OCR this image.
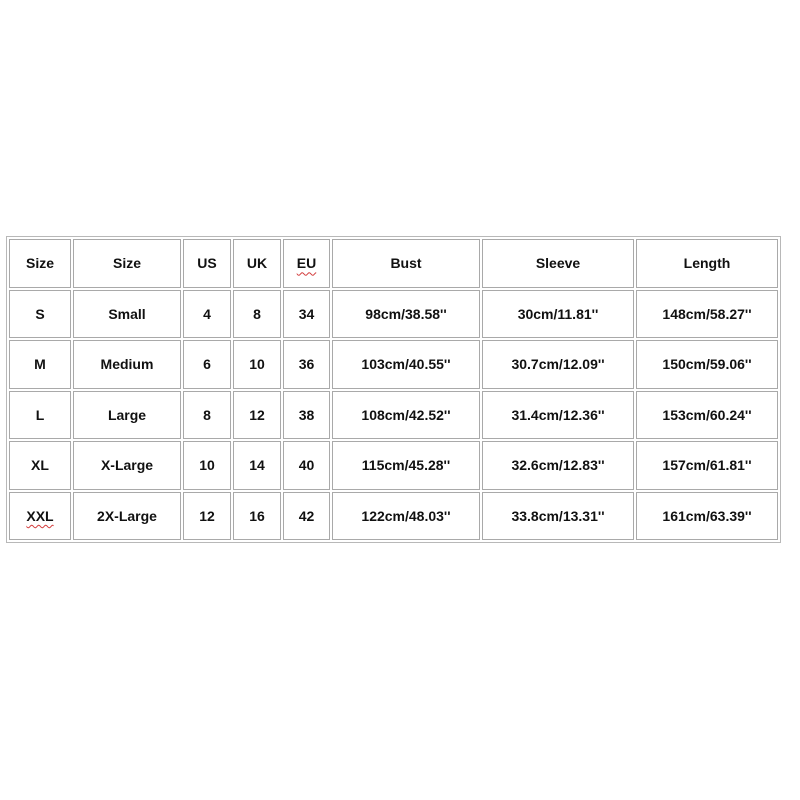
Size	Size	US	UK	EU	Bust	Sleeve	Length
S	Small	4	8	34	98cm/38.58''	30cm/11.81''	148cm/58.27''
M	Medium	6	10	36	103cm/40.55''	30.7cm/12.09''	150cm/59.06''
L	Large	8	12	38	108cm/42.52''	31.4cm/12.36''	153cm/60.24''
XL	X-Large	10	14	40	115cm/45.28''	32.6cm/12.83''	157cm/61.81''
XXL	2X-Large	12	16	42	122cm/48.03''	33.8cm/13.31''	161cm/63.39''
